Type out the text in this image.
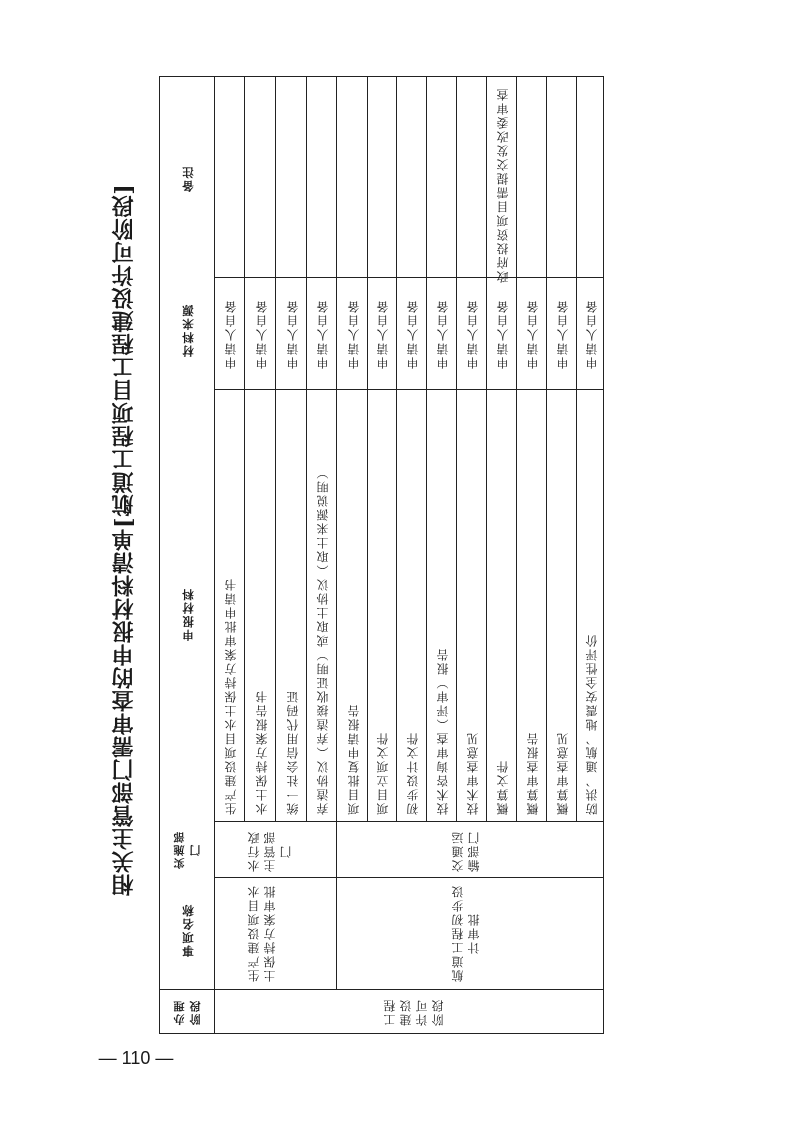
相关主管部门需审查的申报材料清单[航道工程项目工程建设许可阶段]
— 110 —
办理阶段
事项名称
实施部门
申报材料
材料来源
备注
工程建设许可阶段
生产建设项目水土保持方案审批
水行政主管部门
航道工程初步设计审批
交通运输部门
生产建设项目水土保持方案审批申请书 水土保持方案报告书 统一社会信用代码证 弃渣协议（弃渣接收证明）或取土协议（取土来源说明） 项目批复申请报告 项目立项文件 初步设计文件 技术咨询审查（评审）报告 技术审查意见 概算文件 概算审查报告 概算审查意见 防洪、通航、地震安全性评价
申请人自备 申请人自备 申请人自备 申请人自备 申请人自备 申请人自备 申请人自备 申请人自备 申请人自备 申请人自备 申请人自备 申请人自备 申请人自备
政府投资项目需提交发改委审查
